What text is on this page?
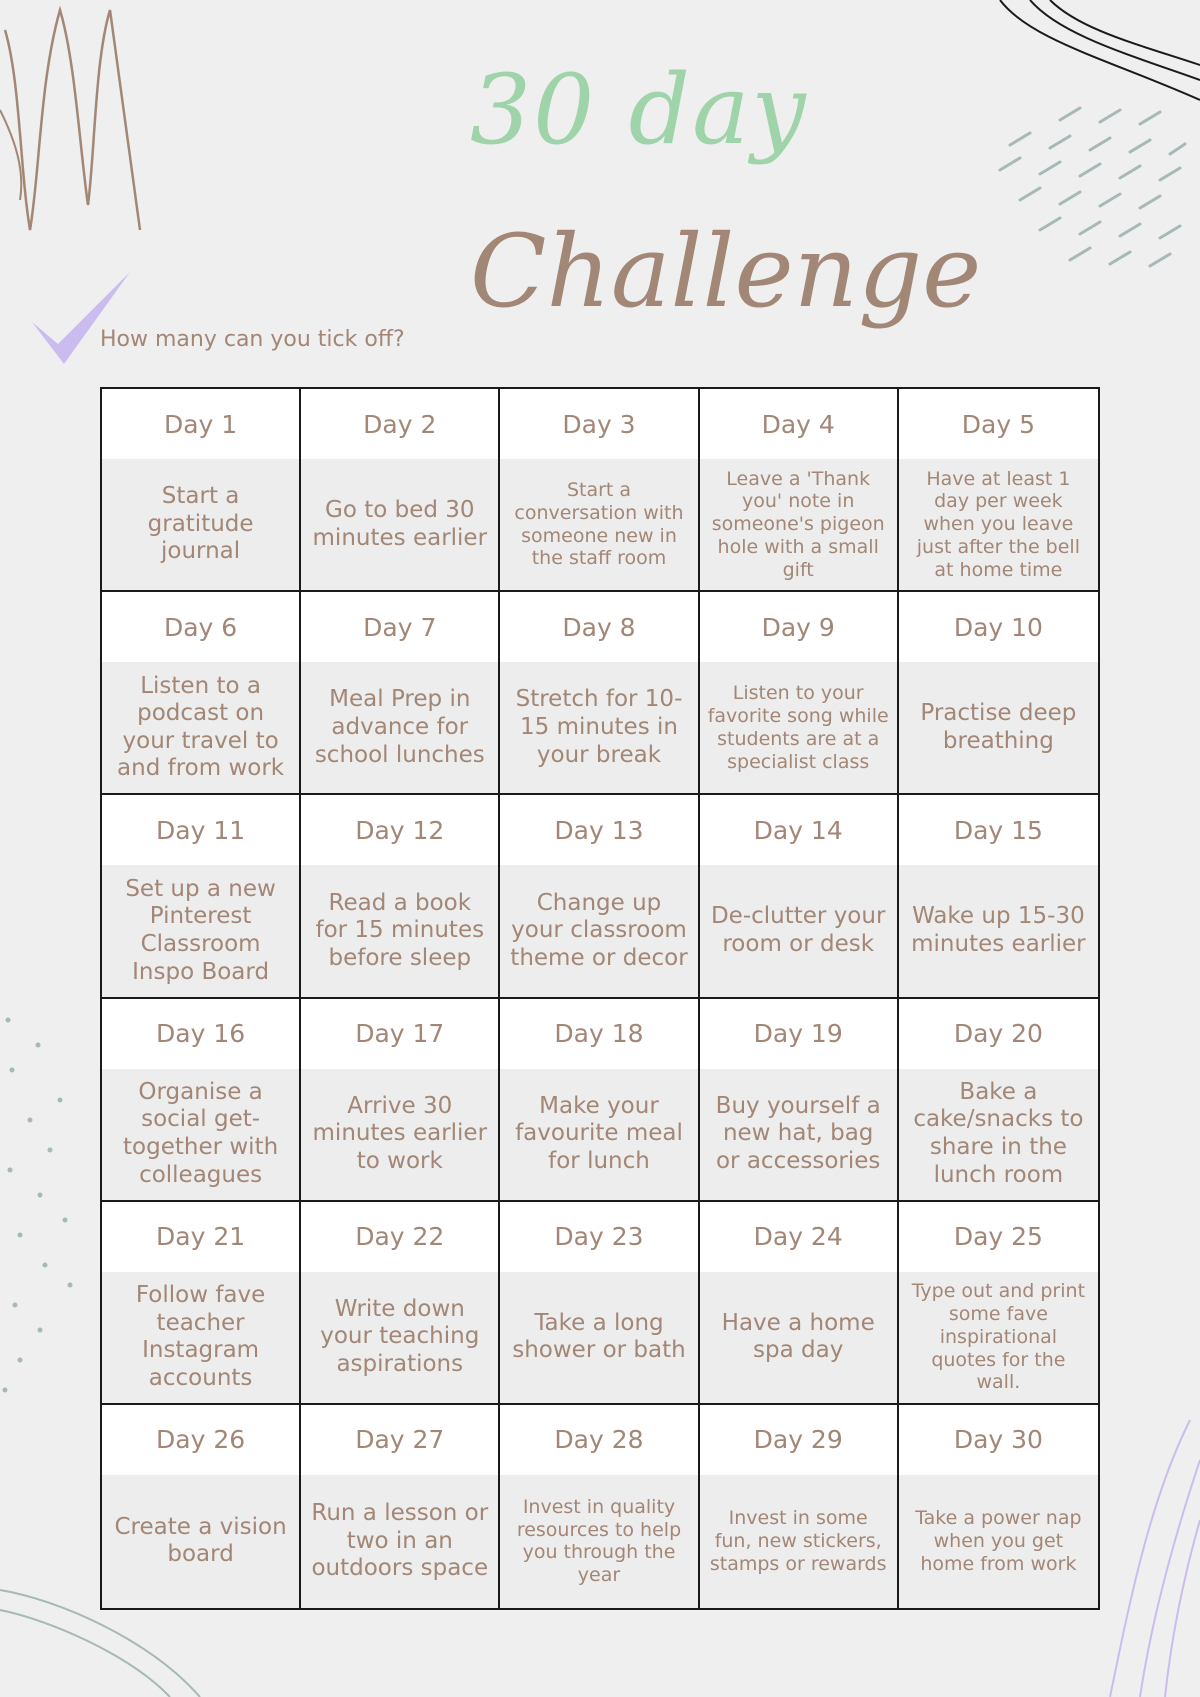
30 day
Challenge
How many can you tick off?
Day 1
Start a gratitude journal
Day 2
Go to bed 30 minutes earlier
Day 3
Start a conversation with someone new in the staff room
Day 4
Leave a 'Thank you' note in someone's pigeon hole with a small gift
Day 5
Have at least 1 day per week when you leave just after the bell at home time
Day 6
Listen to a podcast on your travel to and from work
Day 7
Meal Prep in advance for school lunches
Day 8
Stretch for 10-15 minutes in your break
Day 9
Listen to your favorite song while students are at a specialist class
Day 10
Practise deep breathing
Day 11
Set up a new Pinterest Classroom Inspo Board
Day 12
Read a book for 15 minutes before sleep
Day 13
Change up your classroom theme or decor
Day 14
De-clutter your room or desk
Day 15
Wake up 15-30 minutes earlier
Day 16
Organise a social get-together with colleagues
Day 17
Arrive 30 minutes earlier to work
Day 18
Make your favourite meal for lunch
Day 19
Buy yourself a new hat, bag or accessories
Day 20
Bake a cake/snacks to share in the lunch room
Day 21
Follow fave teacher Instagram accounts
Day 22
Write down your teaching aspirations
Day 23
Take a long shower or bath
Day 24
Have a home spa day
Day 25
Type out and print some fave inspirational quotes for the wall.
Day 26
Create a vision board
Day 27
Run a lesson or two in an outdoors space
Day 28
Invest in quality resources to help you through the year
Day 29
Invest in some fun, new stickers, stamps or rewards
Day 30
Take a power nap when you get home from work
